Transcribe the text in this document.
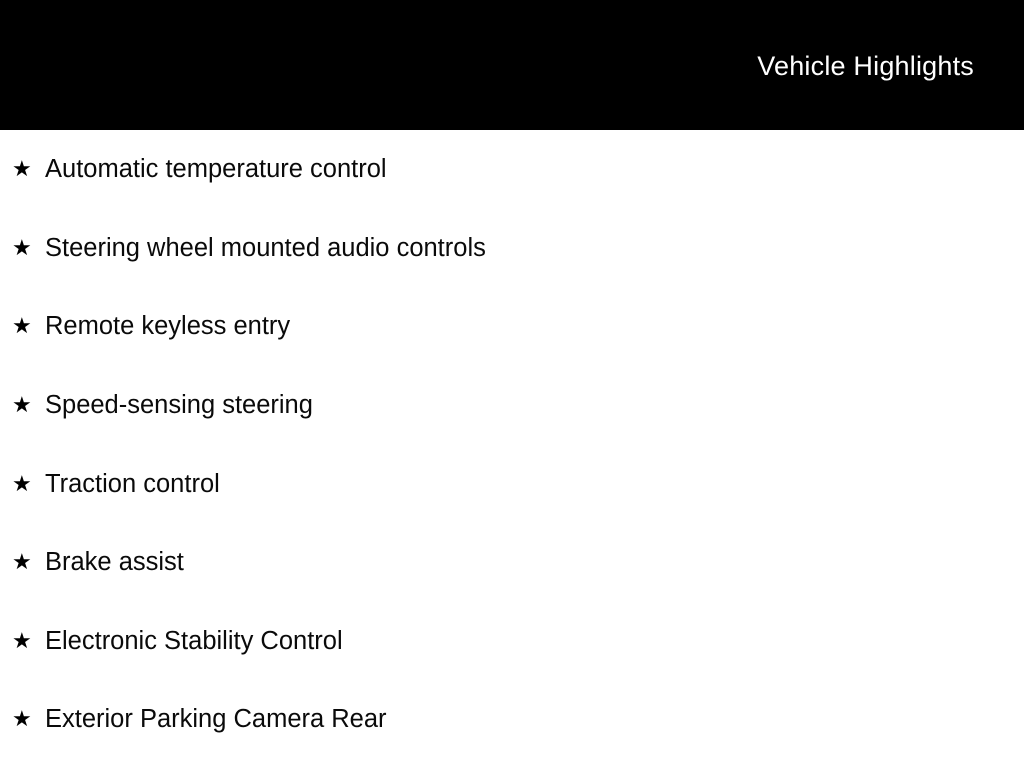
Vehicle Highlights
★ Automatic temperature control
★ Steering wheel mounted audio controls
★ Remote keyless entry
★ Speed-sensing steering
★ Traction control
★ Brake assist
★ Electronic Stability Control
★ Exterior Parking Camera Rear
